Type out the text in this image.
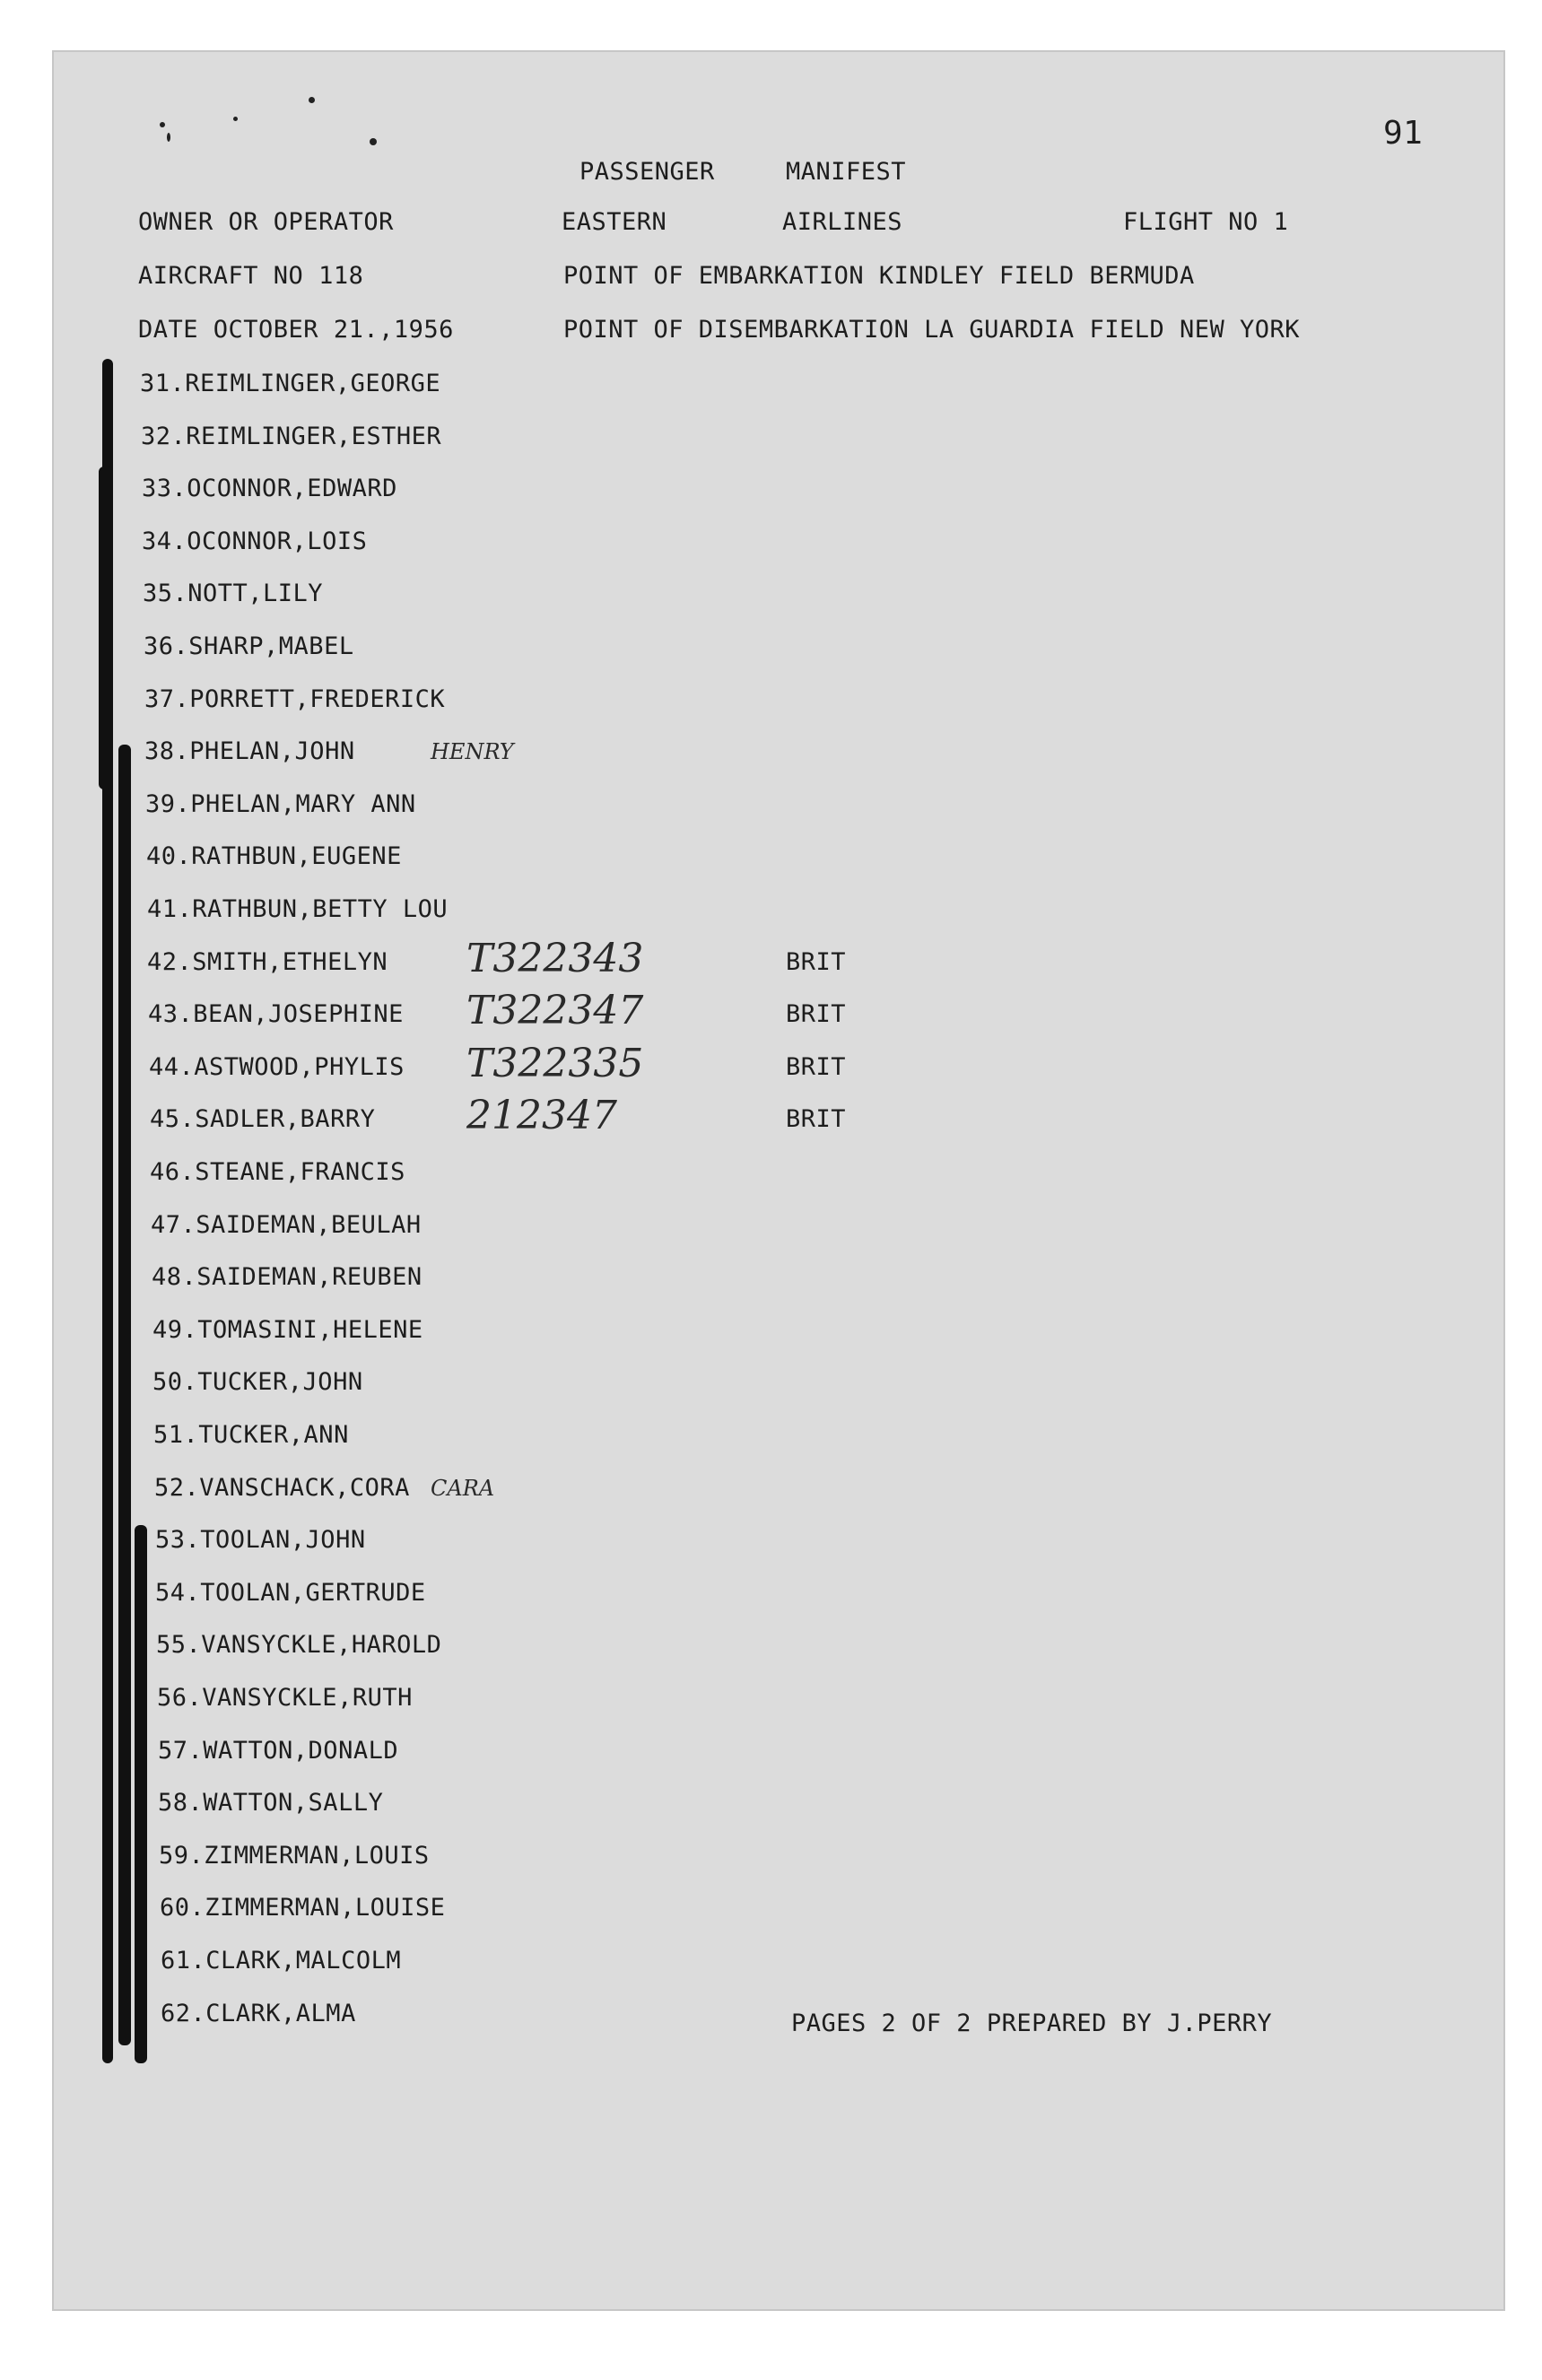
91
PASSENGER	MANIFEST
OWNER OR OPERATOR	EASTERN	AIRLINES	FLIGHT NO 1
AIRCRAFT NO 118	POINT OF EMBARKATION KINDLEY FIELD BERMUDA
DATE OCTOBER 21.,1956	POINT OF DISEMBARKATION LA GUARDIA FIELD NEW YORK
31.REIMLINGER,GEORGE
32.REIMLINGER,ESTHER
33.OCONNOR,EDWARD
34.OCONNOR,LOIS
35.NOTT,LILY
36.SHARP,MABEL
37.PORRETT,FREDERICK
38.PHELAN,JOHN	HENRY
39.PHELAN,MARY ANN
40.RATHBUN,EUGENE
41.RATHBUN,BETTY LOU
42.SMITH,ETHELYN T322343	BRIT
43.BEAN,JOSEPHINE T322347	BRIT
44.ASTWOOD,PHYLIS T322335	BRIT
45.SADLER,BARRY 212347	BRIT
46.STEANE,FRANCIS
47.SAIDEMAN,BEULAH
48.SAIDEMAN,REUBEN
49.TOMASINI,HELENE
50.TUCKER,JOHN
51.TUCKER,ANN
52.VANSCHACK,CORA CARA
53.TOOLAN,JOHN
54.TOOLAN,GERTRUDE
55.VANSYCKLE,HAROLD
56.VANSYCKLE,RUTH
57.WATTON,DONALD
58.WATTON,SALLY
59.ZIMMERMAN,LOUIS
60.ZIMMERMAN,LOUISE
61.CLARK,MALCOLM
62.CLARK,ALMA	PAGES 2 OF 2 PREPARED BY J.PERRY
